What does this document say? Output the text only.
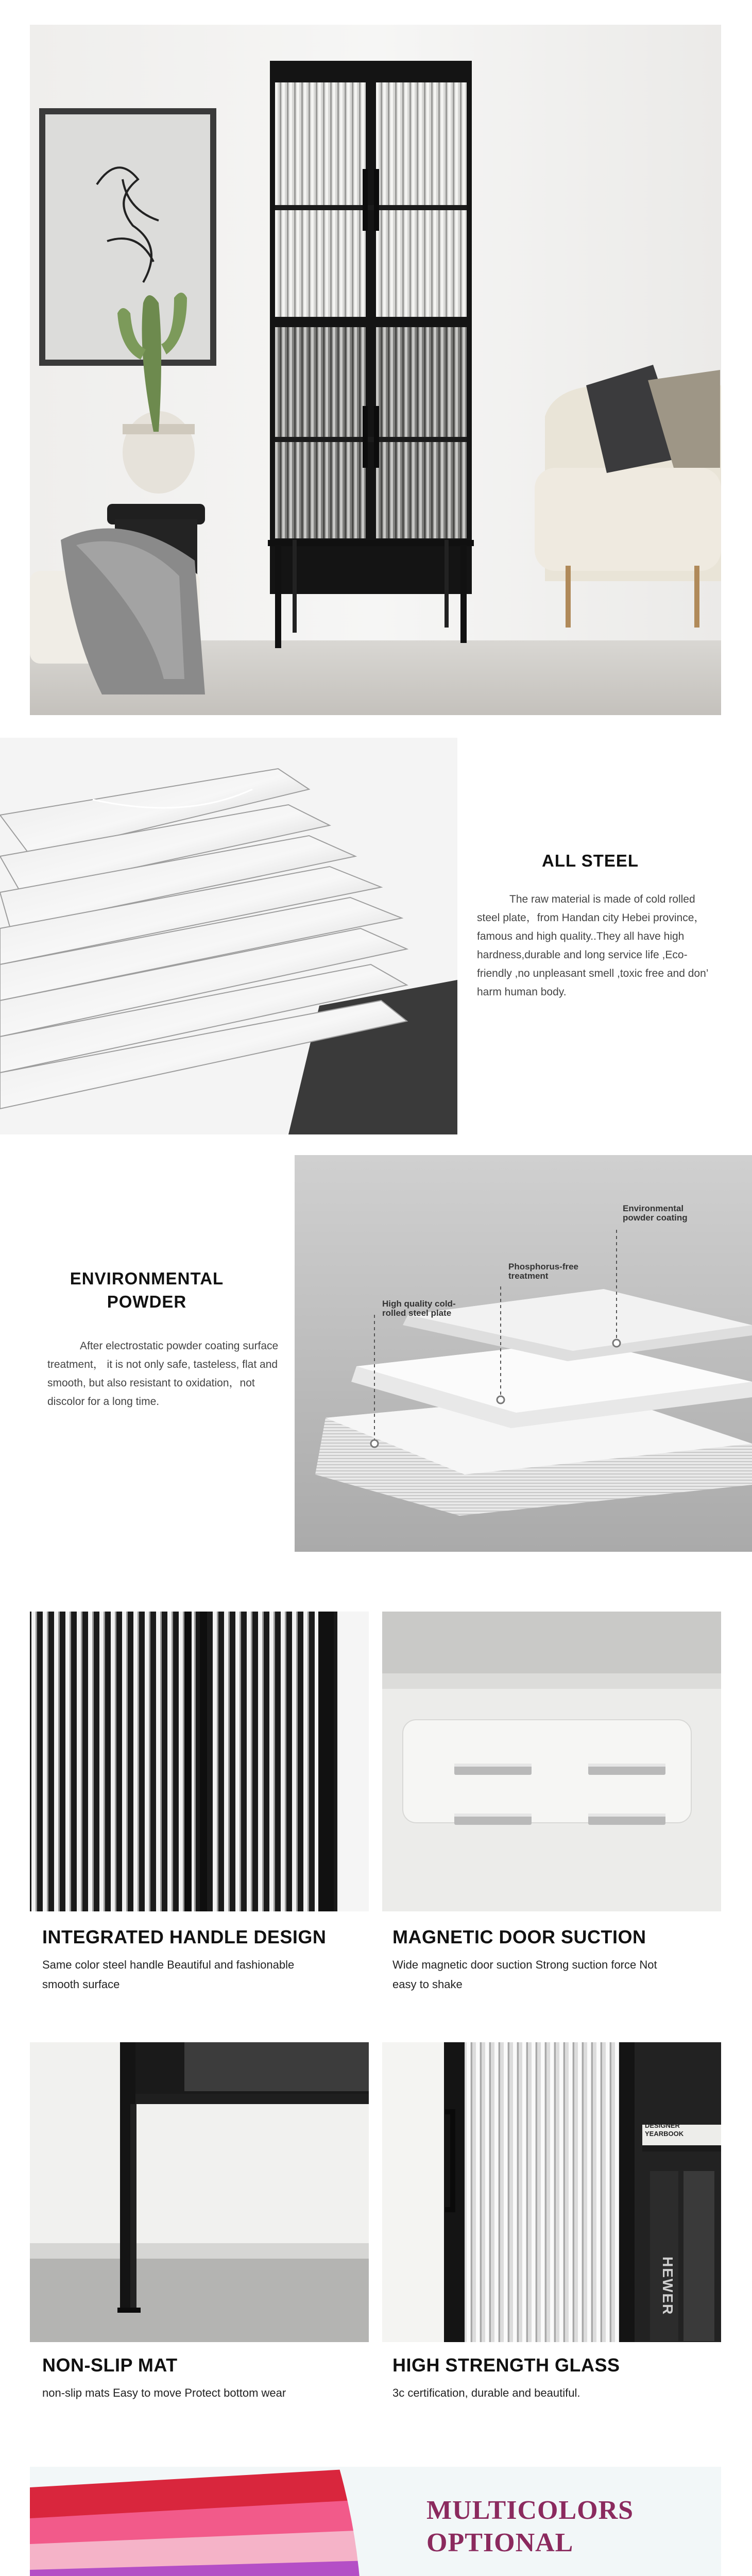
ALL STEEL
The raw material is made of cold rolled steel plate，from Handan city Hebei province，famous and high quality..They all have high hardness,durable and long service life ,Eco-friendly ,no unpleasant smell ,toxic free and don’ harm human body.
ENVIRONMENTAL
POWDER
After electrostatic powder coating surface treatment， it is not only safe, tasteless, flat and smooth, but also resistant to oxidation，not discolor for a long time.
Environmental
powder coating
Phosphorus-free
treatment
High quality cold-
rolled steel plate
INTEGRATED HANDLE DESIGN
Same color steel handle Beautiful and fashionable smooth surface
MAGNETIC DOOR SUCTION
Wide magnetic door suction Strong suction force Not easy to shake
DESIGNER YEARBOOK
HEWER
NON-SLIP MAT
non-slip mats Easy to move Protect bottom wear
HIGH STRENGTH GLASS
3c certification, durable and beautiful.
MULTICOLORS
OPTIONAL
